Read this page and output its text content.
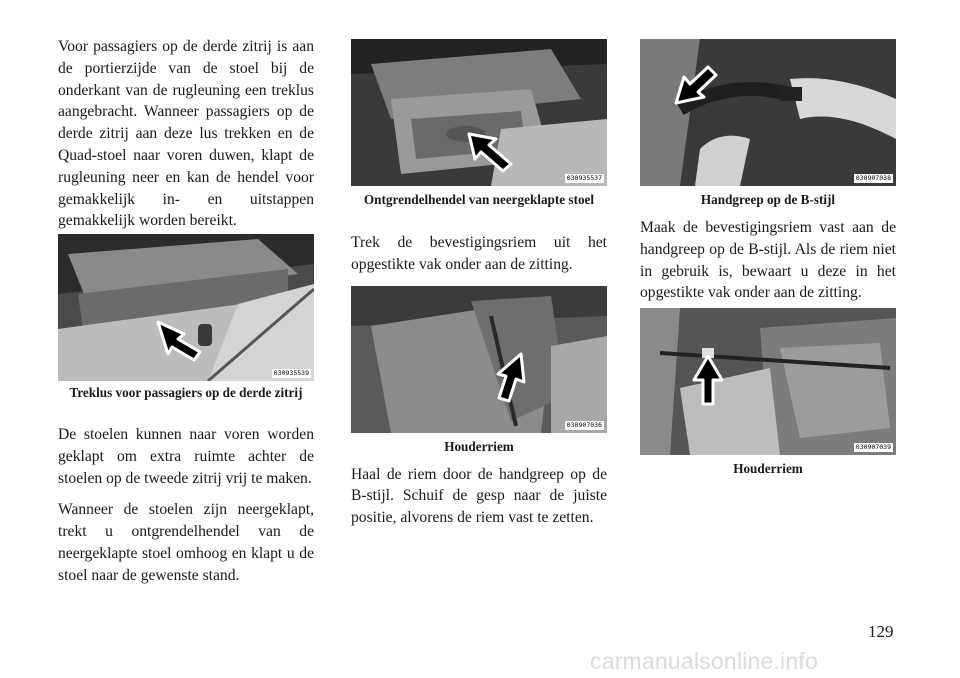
Voor passagiers op de derde zitrij is aan de portierzijde van de stoel bij de onderkant van de rugleuning een treklus aangebracht. Wanneer passagiers op de derde zitrij aan deze lus trekken en de Quad-stoel naar voren duwen, klapt de rugleuning neer en kan de hendel voor gemakkelijk in- en uitstappen gemakkelijk worden bereikt.

030935539

Treklus voor passagiers op de derde zitrij

De stoelen kunnen naar voren worden geklapt om extra ruimte achter de stoelen op de tweede zitrij vrij te maken.

Wanneer de stoelen zijn neergeklapt, trekt u ontgrendelhendel van de neergeklapte stoel omhoog en klapt u de stoel naar de gewenste stand.

030935537

Ontgrendelhendel van neergeklapte stoel

Trek de bevestigingsriem uit het opgestikte vak onder aan de zitting.

030907036

Houderriem

Haal de riem door de handgreep op de B-stijl. Schuif de gesp naar de juiste positie, alvorens de riem vast te zetten.

030907038

Handgreep op de B-stijl

Maak de bevestigingsriem vast aan de handgreep op de B-stijl. Als de riem niet in gebruik is, bewaart u deze in het opgestikte vak onder aan de zitting.

030907039

Houderriem

129
carmanualsonline.info
